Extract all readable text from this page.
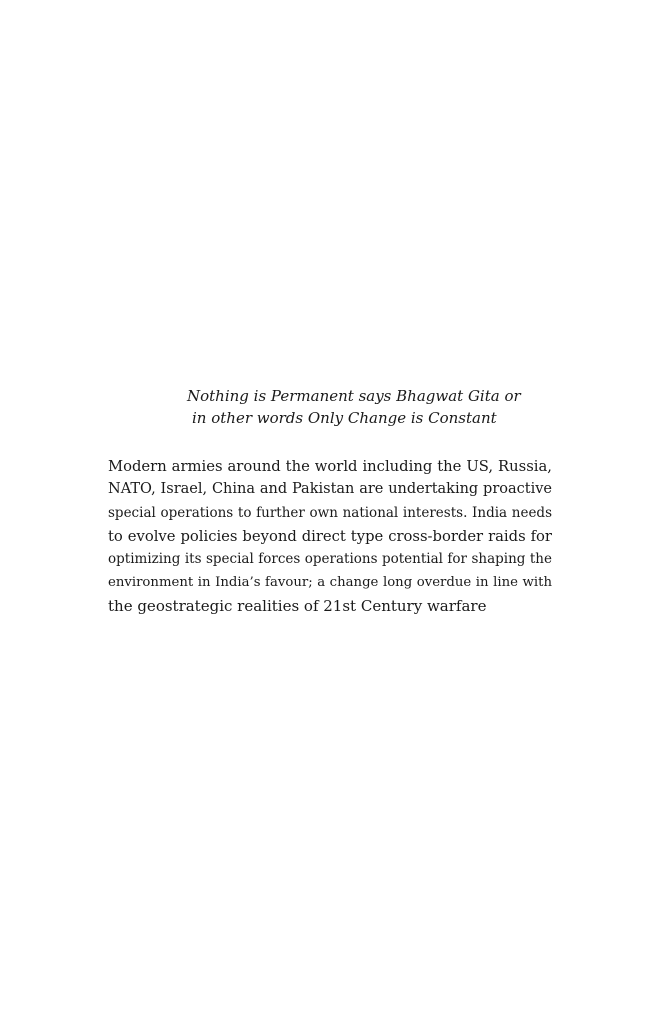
Nothing is Permanent says Bhagwat Gita or
in other words Only Change is Constant
Modern armies around the world including the US, Russia,
NATO, Israel, China and Pakistan are undertaking proactive
special operations to further own national interests. India needs
to evolve policies beyond direct type cross-border raids for
optimizing its special forces operations potential for shaping the
environment in India’s favour; a change long overdue in line with
the geostrategic realities of 21st Century warfare
